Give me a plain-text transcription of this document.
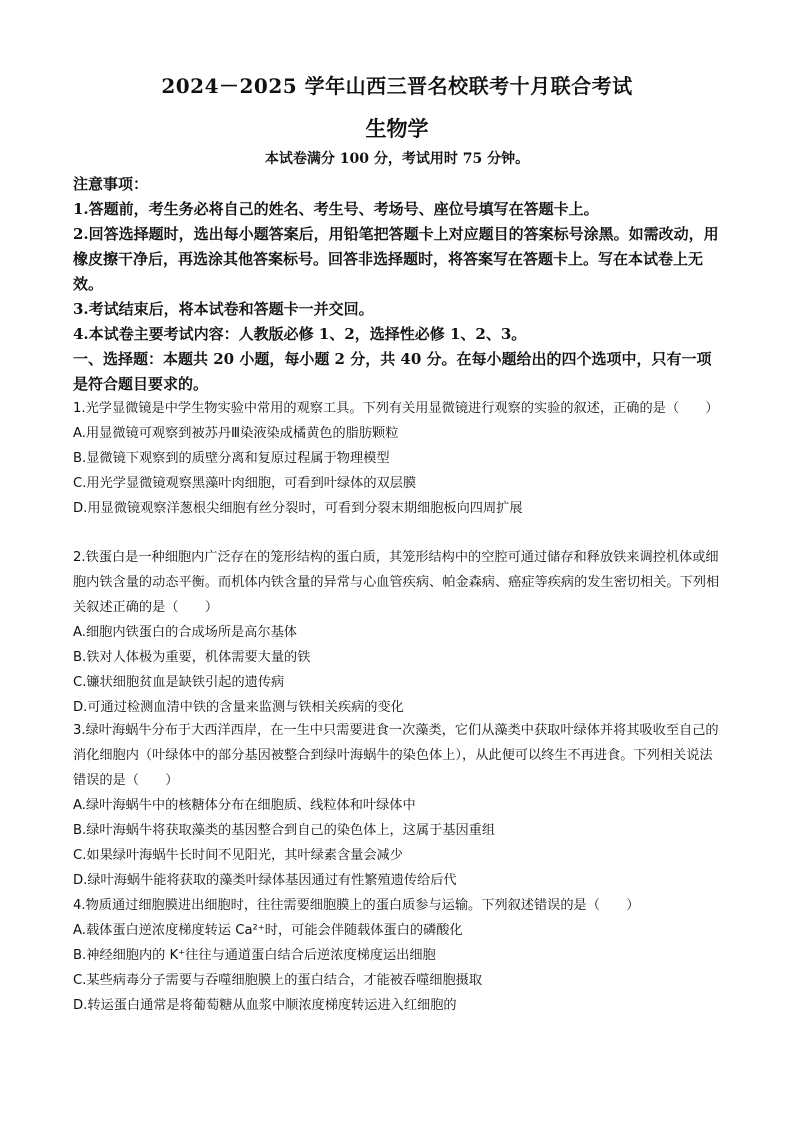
2024－2025 学年山西三晋名校联考十月联合考试
生物学
本试卷满分 100 分，考试用时 75 分钟。
注意事项：
1.答题前，考生务必将自己的姓名、考生号、考场号、座位号填写在答题卡上。
2.回答选择题时，选出每小题答案后，用铅笔把答题卡上对应题目的答案标号涂黑。如需改动，用橡皮擦干净后，再选涂其他答案标号。回答非选择题时，将答案写在答题卡上。写在本试卷上无效。
3.考试结束后，将本试卷和答题卡一并交回。
4.本试卷主要考试内容：人教版必修 1、2，选择性必修 1、2、3。
一、选择题：本题共 20 小题，每小题 2 分，共 40 分。在每小题给出的四个选项中，只有一项是符合题目要求的。
1.光学显微镜是中学生物实验中常用的观察工具。下列有关用显微镜进行观察的实验的叙述，正确的是（　　）
A.用显微镜可观察到被苏丹Ⅲ染液染成橘黄色的脂肪颗粒
B.显微镜下观察到的质壁分离和复原过程属于物理模型
C.用光学显微镜观察黑藻叶肉细胞，可看到叶绿体的双层膜
D.用显微镜观察洋葱根尖细胞有丝分裂时，可看到分裂末期细胞板向四周扩展
2.铁蛋白是一种细胞内广泛存在的笼形结构的蛋白质，其笼形结构中的空腔可通过储存和释放铁来调控机体或细胞内铁含量的动态平衡。而机体内铁含量的异常与心血管疾病、帕金森病、癌症等疾病的发生密切相关。下列相关叙述正确的是（　　）
A.细胞内铁蛋白的合成场所是高尔基体
B.铁对人体极为重要，机体需要大量的铁
C.镰状细胞贫血是缺铁引起的遗传病
D.可通过检测血清中铁的含量来监测与铁相关疾病的变化
3.绿叶海蜗牛分布于大西洋西岸，在一生中只需要进食一次藻类，它们从藻类中获取叶绿体并将其吸收至自己的消化细胞内（叶绿体中的部分基因被整合到绿叶海蜗牛的染色体上），从此便可以终生不再进食。下列相关说法错误的是（　　）
A.绿叶海蜗牛中的核糖体分布在细胞质、线粒体和叶绿体中
B.绿叶海蜗牛将获取藻类的基因整合到自己的染色体上，这属于基因重组
C.如果绿叶海蜗牛长时间不见阳光，其叶绿素含量会减少
D.绿叶海蜗牛能将获取的藻类叶绿体基因通过有性繁殖遗传给后代
4.物质通过细胞膜进出细胞时，往往需要细胞膜上的蛋白质参与运输。下列叙述错误的是（　　）
A.载体蛋白逆浓度梯度转运 Ca²⁺时，可能会伴随载体蛋白的磷酸化
B.神经细胞内的 K⁺往往与通道蛋白结合后逆浓度梯度运出细胞
C.某些病毒分子需要与吞噬细胞膜上的蛋白结合，才能被吞噬细胞摄取
D.转运蛋白通常是将葡萄糖从血浆中顺浓度梯度转运进入红细胞的
